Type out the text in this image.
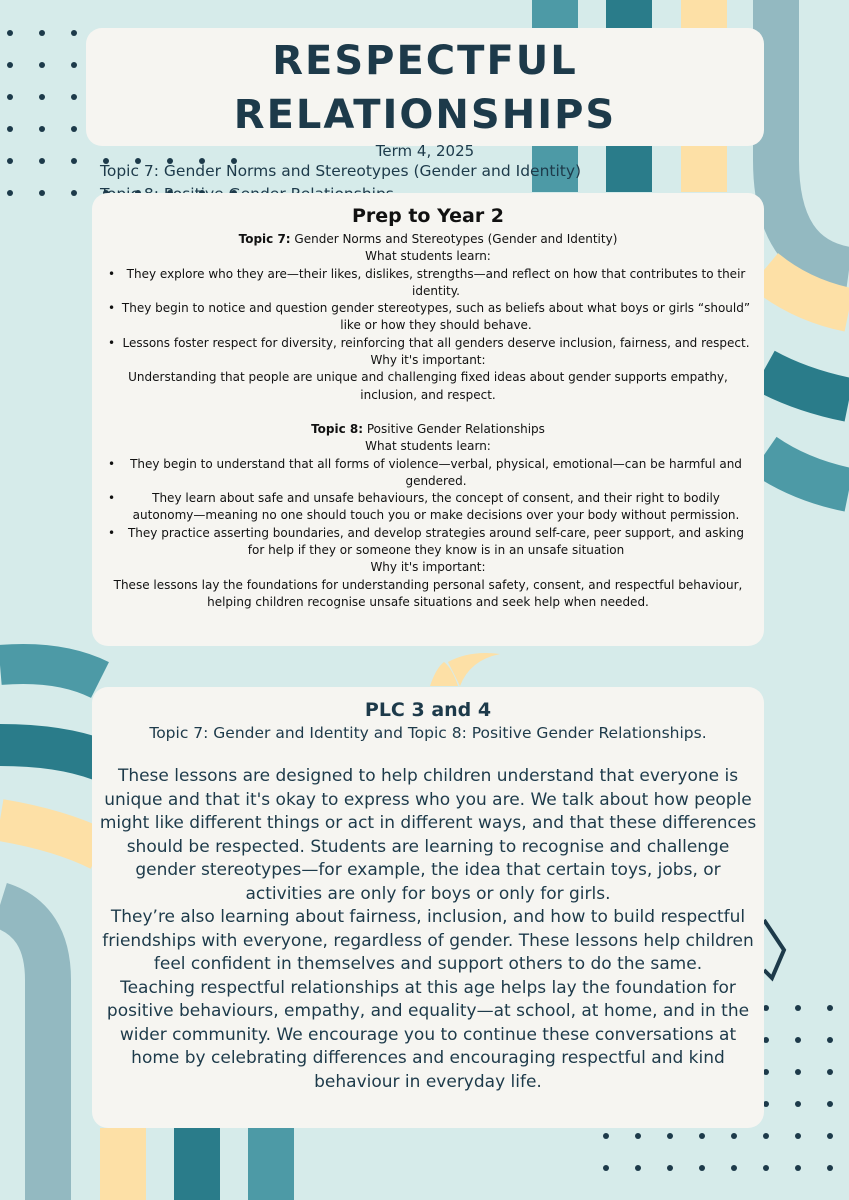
RESPECTFUL RELATIONSHIPS
Term 4, 2025
Topic 7: Gender Norms and Stereotypes (Gender and Identity)
Prep to Year 2
Topic 7: Gender Norms and Stereotypes (Gender and Identity)
What students learn:
• They explore who they are—their likes, dislikes, strengths—and reflect on how that contributes to their identity.
• They begin to notice and question gender stereotypes, such as beliefs about what boys or girls “should” like or how they should behave.
• Lessons foster respect for diversity, reinforcing that all genders deserve inclusion, fairness, and respect.
Why it's important:
Understanding that people are unique and challenging fixed ideas about gender supports empathy, inclusion, and respect.
Topic 8: Positive Gender Relationships
What students learn:
• They begin to understand that all forms of violence—verbal, physical, emotional—can be harmful and gendered.
•	They learn about safe and unsafe behaviours, the concept of consent, and their right to bodily autonomy—meaning no one should touch you or make decisions over your body without permission.
• They practice asserting boundaries, and develop strategies around self-care, peer support, and asking for help if they or someone they know is in an unsafe situation
Why it's important:
These lessons lay the foundations for understanding personal safety, consent, and respectful behaviour, helping children recognise unsafe situations and seek help when needed.
PLC 3 and 4
Topic 7: Gender and Identity and Topic 8: Positive Gender Relationships.

These lessons are designed to help children understand that everyone is unique and that it's okay to express who you are. We talk about how people might like different things or act in different ways, and that these differences should be respected. Students are learning to recognise and challenge gender stereotypes—for example, the idea that certain toys, jobs, or activities are only for boys or only for girls.

They’re also learning about fairness, inclusion, and how to build respectful friendships with everyone, regardless of gender. These lessons help children feel confident in themselves and support others to do the same.

Teaching respectful relationships at this age helps lay the foundation for positive behaviours, empathy, and equality—at school, at home, and in the wider community. We encourage you to continue these conversations at home by celebrating differences and encouraging respectful and kind behaviour in everyday life.
